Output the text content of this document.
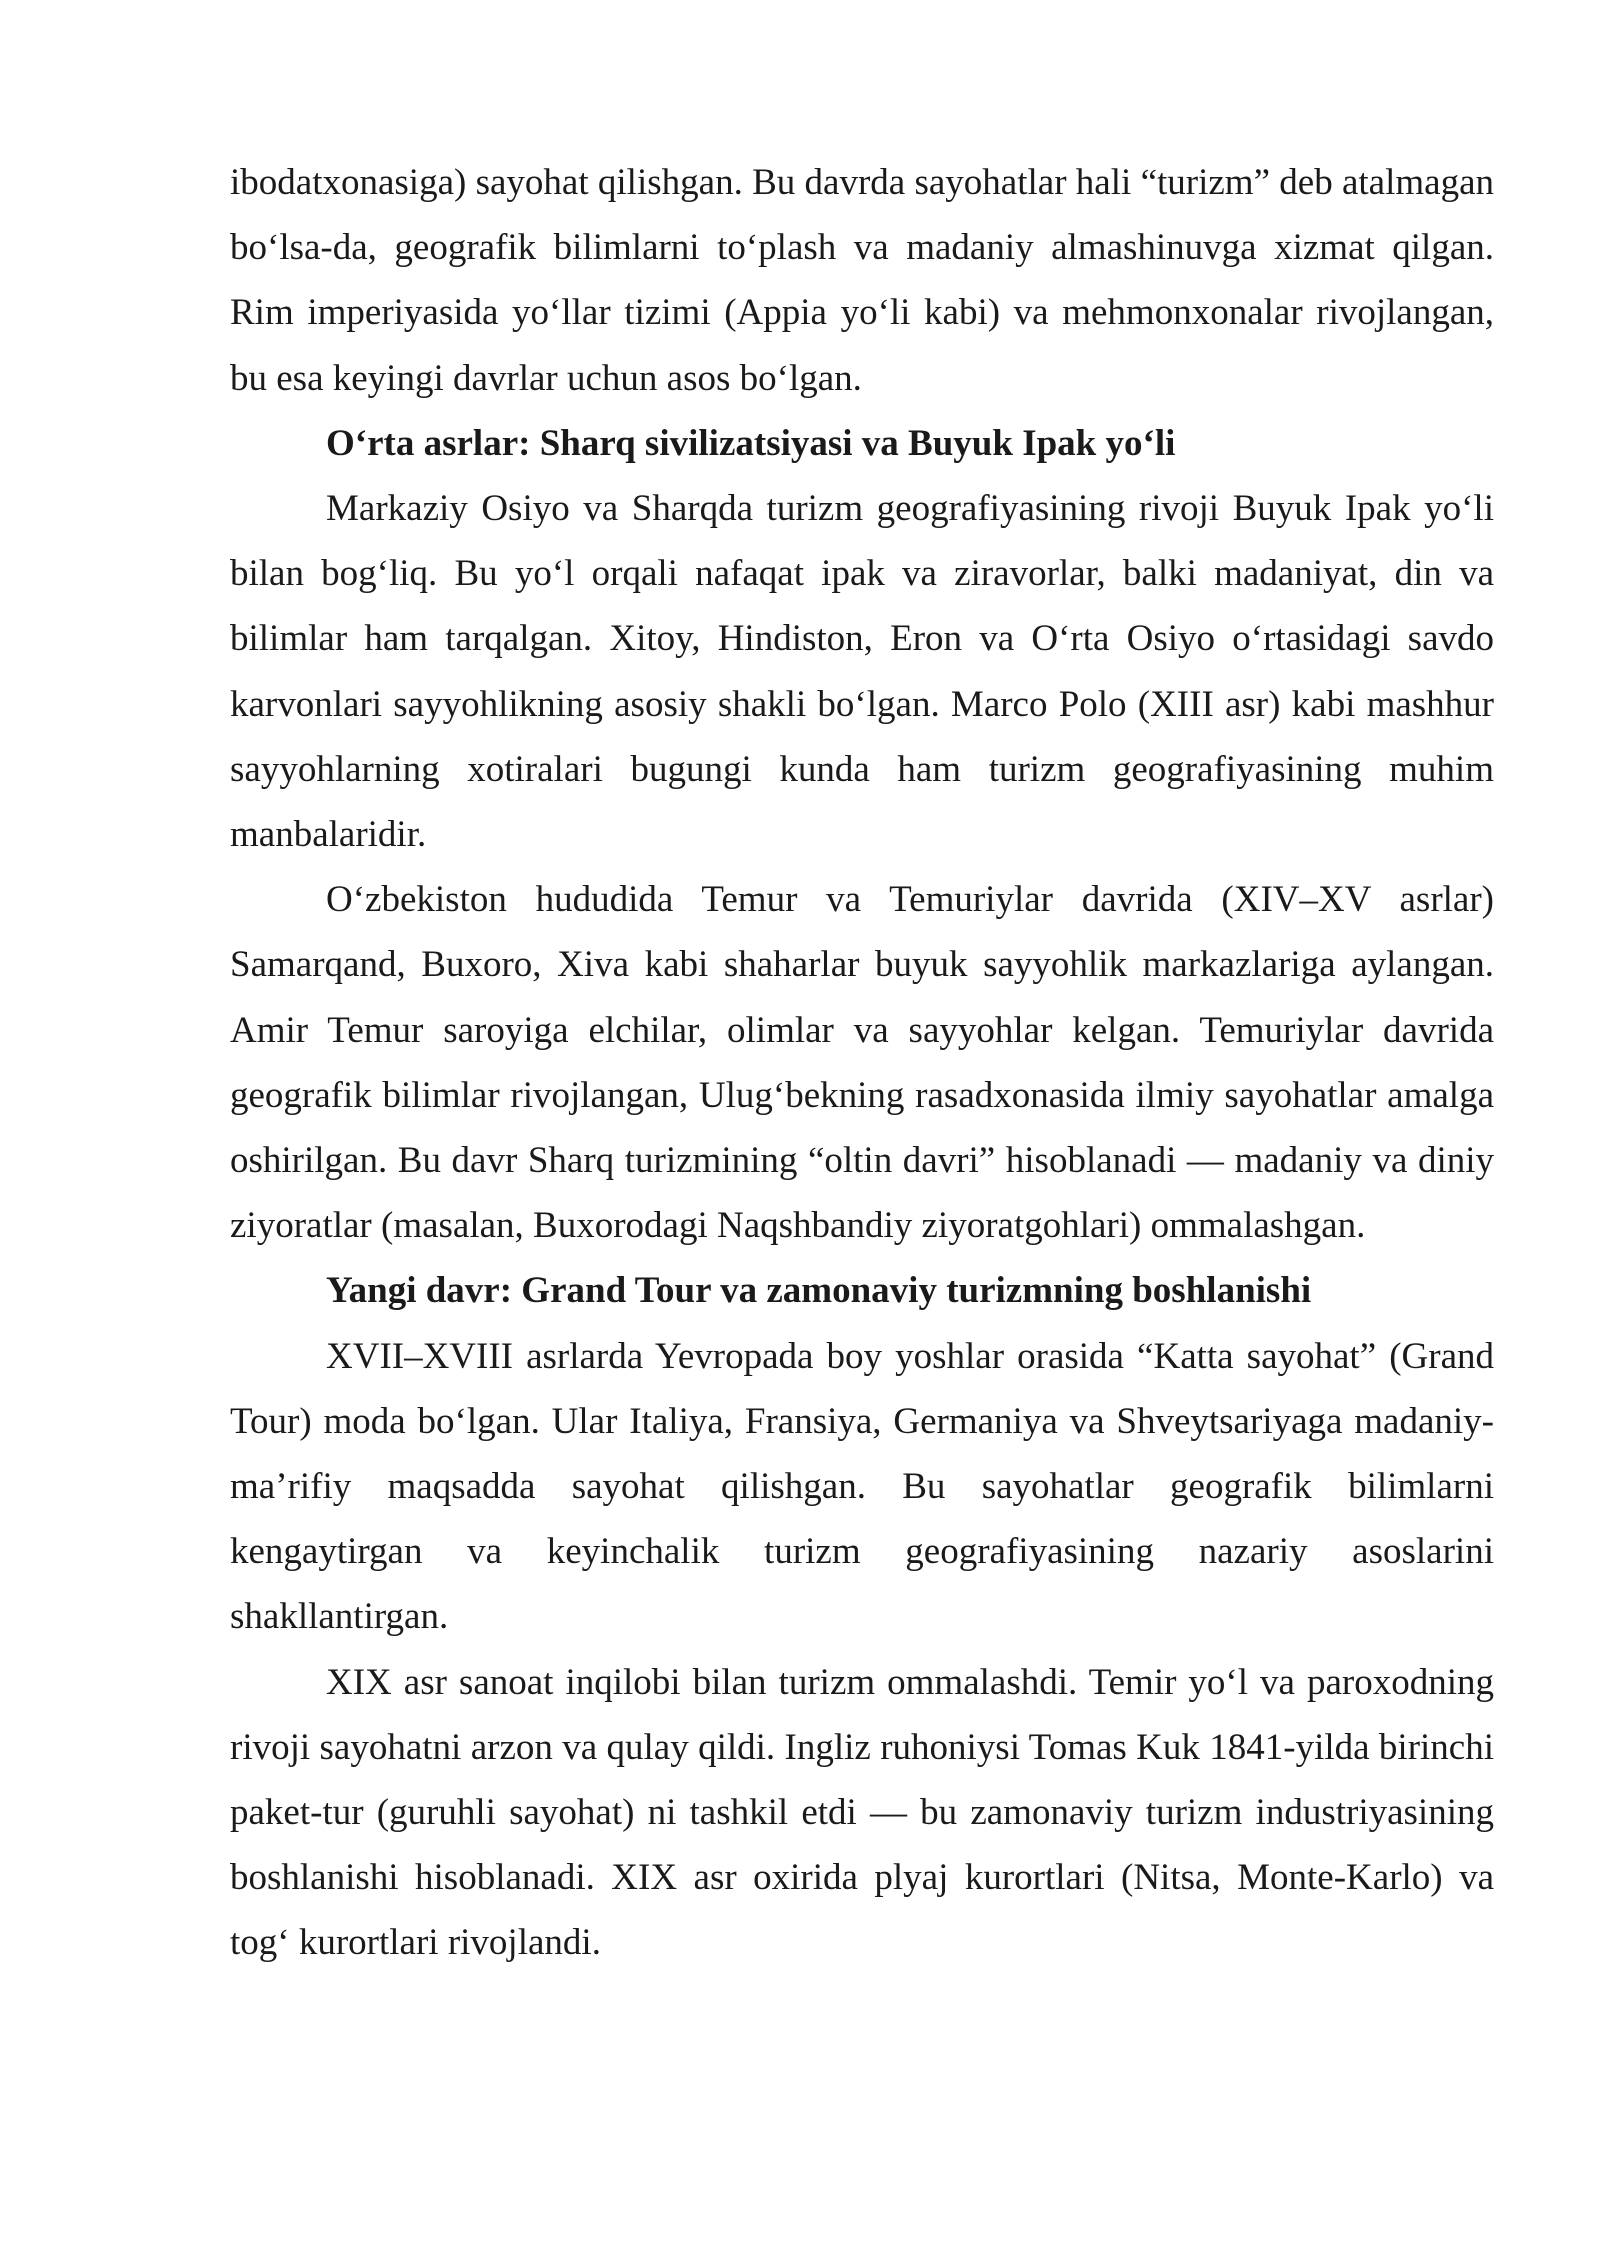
ibodatxonasiga) sayohat qilishgan. Bu davrda sayohatlar hali “turizm” deb atalmagan bo‘lsa-da, geografik bilimlarni to‘plash va madaniy almashinuvga xizmat qilgan. Rim imperiyasida yo‘llar tizimi (Appia yo‘li kabi) va mehmonxonalar rivojlangan, bu esa keyingi davrlar uchun asos bo‘lgan.

O‘rta asrlar: Sharq sivilizatsiyasi va Buyuk Ipak yo‘li

Markaziy Osiyo va Sharqda turizm geografiyasining rivoji Buyuk Ipak yo‘li bilan bog‘liq. Bu yo‘l orqali nafaqat ipak va ziravorlar, balki madaniyat, din va bilimlar ham tarqalgan. Xitoy, Hindiston, Eron va O‘rta Osiyo o‘rtasidagi savdo karvonlari sayyohlikning asosiy shakli bo‘lgan. Marco Polo (XIII asr) kabi mashhur sayyohlarning xotiralari bugungi kunda ham turizm geografiyasining muhim manbalaridir.

O‘zbekiston hududida Temur va Temuriylar davrida (XIV–XV asrlar) Samarqand, Buxoro, Xiva kabi shaharlar buyuk sayyohlik markazlariga aylangan. Amir Temur saroyiga elchilar, olimlar va sayyohlar kelgan. Temuriylar davrida geografik bilimlar rivojlangan, Ulug‘bekning rasadxonasida ilmiy sayohatlar amalga oshirilgan. Bu davr Sharq turizmining “oltin davri” hisoblanadi — madaniy va diniy ziyoratlar (masalan, Buxorodagi Naqshbandiy ziyoratgohlari) ommalashgan.

Yangi davr: Grand Tour va zamonaviy turizmning boshlanishi

XVII–XVIII asrlarda Yevropada boy yoshlar orasida “Katta sayohat” (Grand Tour) moda bo‘lgan. Ular Italiya, Fransiya, Germaniya va Shveytsariyaga madaniy-ma’rifiy maqsadda sayohat qilishgan. Bu sayohatlar geografik bilimlarni kengaytirgan va keyinchalik turizm geografiyasining nazariy asoslarini shakllantirgan.

XIX asr sanoat inqilobi bilan turizm ommalashdi. Temir yo‘l va paroxodning rivoji sayohatni arzon va qulay qildi. Ingliz ruhoniysi Tomas Kuk 1841-yilda birinchi paket-tur (guruhli sayohat) ni tashkil etdi — bu zamonaviy turizm industriyasining boshlanishi hisoblanadi. XIX asr oxirida plyaj kurortlari (Nitsa, Monte-Karlo) va tog‘ kurortlari rivojlandi.
